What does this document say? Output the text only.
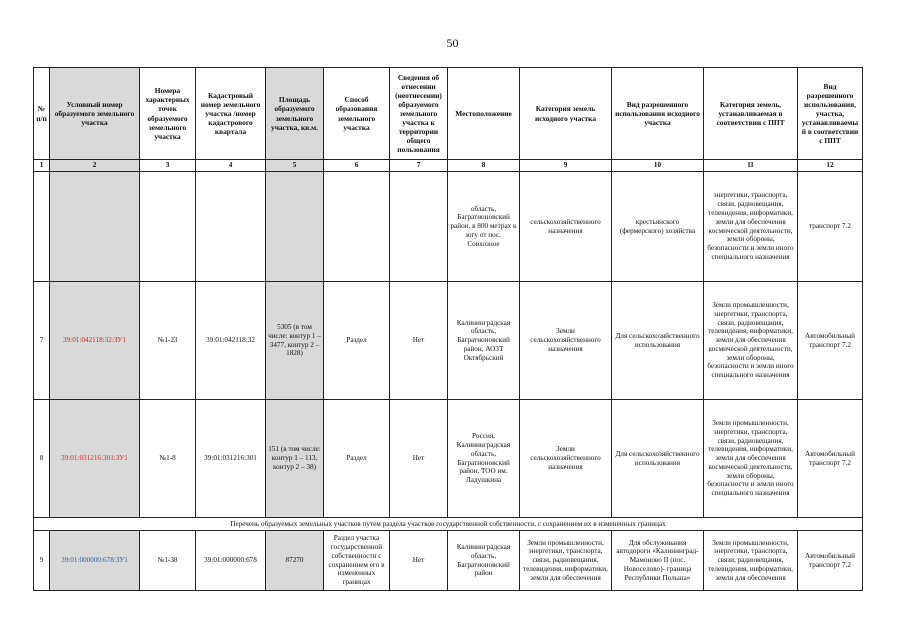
50
№ п/п	Условный номер образуемого земельного участка	Номера характерных точек образуемого земельного участка	Кадастровый номер земельного участка /номер кадастрового квартала	Площадь образуемого земельного участка, кв.м.	Способ образования земельного участка	Сведения об отнесении (неотнесении) образуемого земельного участка к территории общего пользования	Местоположение	Категория земель исходного участка	Вид разрешенного использования исходного участка	Категория земель, устанавливаемая в соответствии с ППТ	Вид разрешенного использования, участка, устанавливаемый в соответствии с ППТ
1	2	3	4	5	6	7	8	9	10	11	12
							область, Багратионовский район, в 800 метрах к югу от пос. Совхозное	сельскохозяйственного назначения	крестьянского (фермерского) хозяйства	энергетики, транспорта, связи, радиовещания, телевидения, информатики, земли для обеспечения космической деятельности, земли обороны, безопасности и земли иного специального назначения	транспорт 7.2
7	39:01:042118:32:ЗУ1	№1-23	39:01:042118:32	5305 (в том числе: контур 1 – 3477, контур 2 – 1828)	Раздел	Нет	Калининградская область, Багратионовский район, АОЗТ Октябрьский	Земли сельскохозяйственного назначения	Для сельскохозяйственного использования	Земли промышленности, энергетики, транспорта, связи, радиовещания, телевидения, информатики, земли для обеспечения космической деятельности, земли обороны, безопасности и земли иного специального назначения	Автомобильный транспорт 7.2
8	39:01:031216:301:ЗУ1	№1-8	39:01:031216:301	151 (в том числе: контур 1 – 113, контур 2 – 38)	Раздел	Нет	Россия, Калининградская область, Багратионовский район, ТОО им. Ладушкина	Земли сельскохозяйственного назначения	Для сельскохозяйственного использования	Земли промышленности, энергетики, транспорта, связи, радиовещания, телевидения, информатики, земли для обеспечения космической деятельности, земли обороны, безопасности и земли иного специального назначения	Автомобильный транспорт 7.2
Перечень образуемых земельных участков путем раздела участков государственной собственности, с сохранением их в измененных границах											
9	39:01:000000:678:ЗУ1	№1-38	39:01:000000:678	87270	Раздел участка государственной собственности с сохранением его в измененных границах	Нет	Калининградская область, Багратионовский район	Земли промышленности, энергетики, транспорта, связи, радиовещания, телевидения, информатики, земли для обеспечения	Для обслуживания автодороги «Калининград-Мамоново II (пос. Новоселово)- граница Республики Польша»	Земли промышленности, энергетики, транспорта, связи, радиовещания, телевидения, информатики, земли для обеспечения	Автомобильный транспорт 7.2
